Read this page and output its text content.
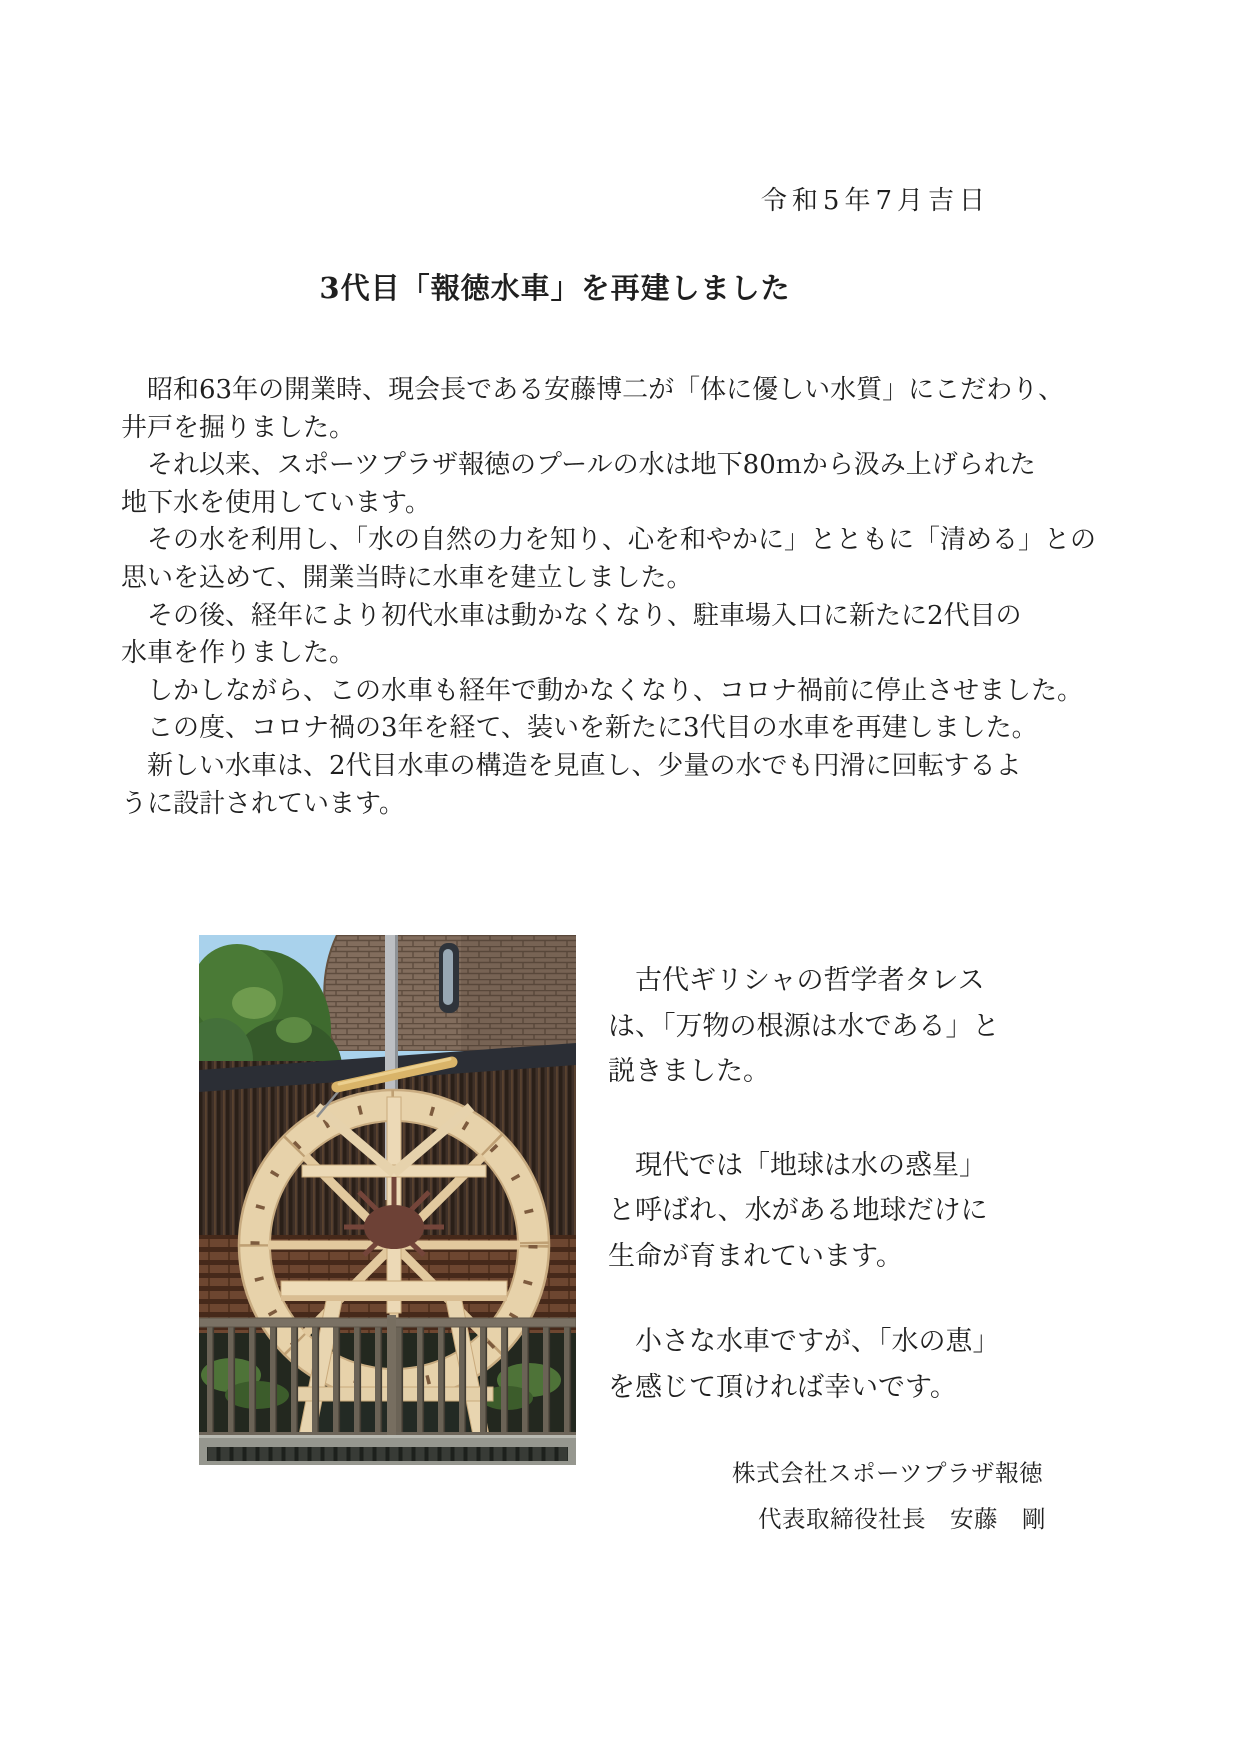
令和5年7月吉日
3代目「報徳水車」を再建しました
　昭和63年の開業時、現会長である安藤博二が「体に優しい水質」にこだわり、
井戸を掘りました。
　それ以来、スポーツプラザ報徳のプールの水は地下80ｍから汲み上げられた
地下水を使用しています。
　その水を利用し、「水の自然の力を知り、心を和やかに」とともに「清める」との
思いを込めて、開業当時に水車を建立しました。
　その後、経年により初代水車は動かなくなり、駐車場入口に新たに2代目の
水車を作りました。
　しかしながら、この水車も経年で動かなくなり、コロナ禍前に停止させました。
　この度、コロナ禍の3年を経て、装いを新たに3代目の水車を再建しました。
　新しい水車は、2代目水車の構造を見直し、少量の水でも円滑に回転するよ
うに設計されています。
　古代ギリシャの哲学者タレス
は、「万物の根源は水である」と
説きました。
　現代では「地球は水の惑星」
と呼ばれ、水がある地球だけに
生命が育まれています。
　小さな水車ですが、「水の恵」
を感じて頂ければ幸いです。
株式会社スポーツプラザ報徳
代表取締役社長　安藤　剛
